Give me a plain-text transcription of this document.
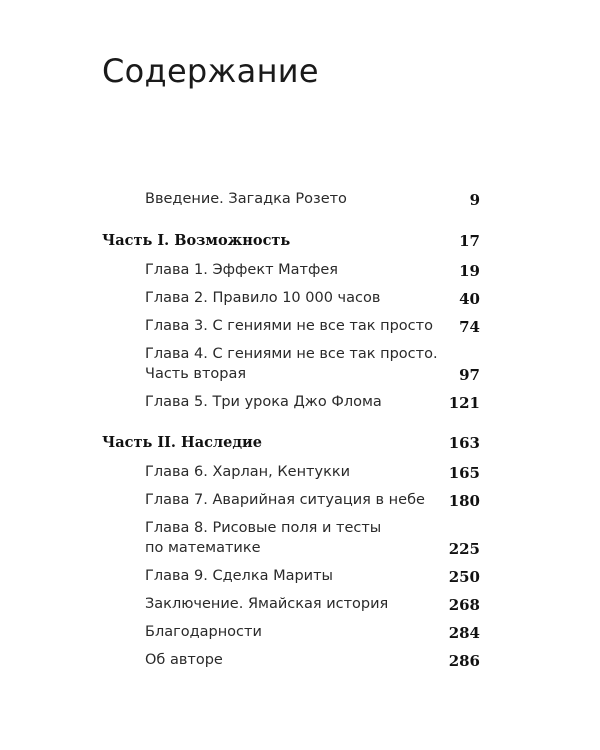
Содержание
Введение. Загадка Розето	9
Часть I. Возможность	17
Глава 1. Эффект Матфея	19
Глава 2. Правило 10 000 часов	40
Глава 3. С гениями не все так просто 74
Глава 4. С гениями не все так просто.
Часть вторая	97
Глава 5. Три урока Джо Флома	121
Часть II. Наследие	163
Глава 6. Харлан, Кентукки	165
Глава 7. Аварийная ситуация в небе 180
Глава 8. Рисовые поля и тесты
по математике	225
Глава 9. Сделка Мариты	250
Заключение. Ямайская история	268
Благодарности	284
Об авторе	286
